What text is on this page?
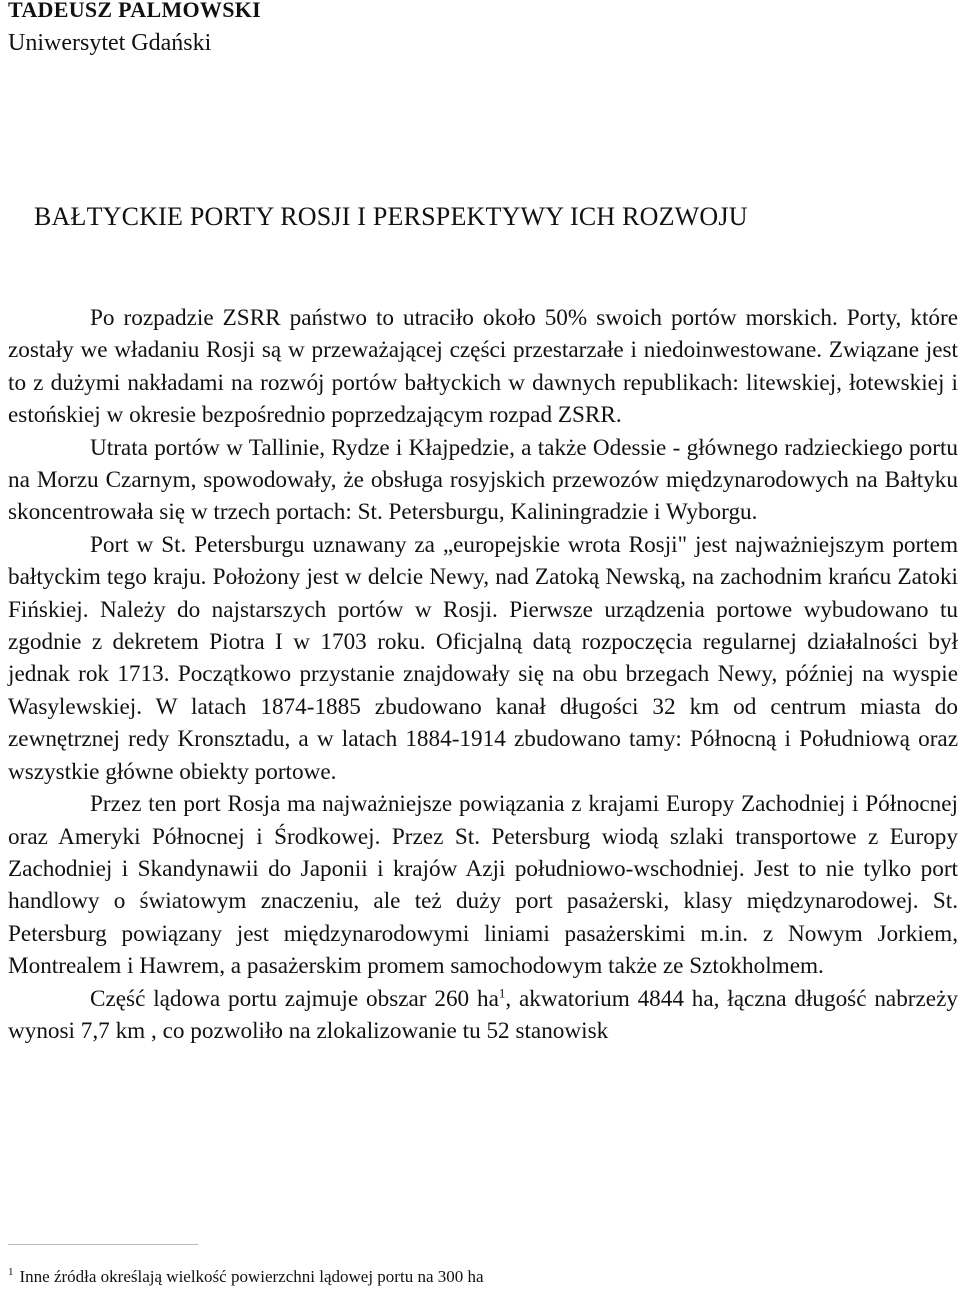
TADEUSZ PALMOWSKI
Uniwersytet Gdański
BAŁTYCKIE PORTY ROSJI I PERSPEKTYWY ICH ROZWOJU

Po rozpadzie ZSRR państwo to utraciło około 50% swoich portów morskich. Porty, które zostały we władaniu Rosji są w przeważającej części przestarzałe i niedoinwestowane. Związane jest to z dużymi nakładami na rozwój portów bałtyckich w dawnych republikach: litewskiej, łotewskiej i estońskiej w okresie bezpośrednio poprzedzającym rozpad ZSRR.

Utrata portów w Tallinie, Rydze i Kłajpedzie, a także Odessie - głównego radzieckiego portu na Morzu Czarnym, spowodowały, że obsługa rosyjskich przewozów międzynarodowych na Bałtyku skoncentrowała się w trzech portach: St. Petersburgu, Kaliningradzie i Wyborgu.

Port w St. Petersburgu uznawany za „europejskie wrota Rosji" jest najważniejszym portem bałtyckim tego kraju. Położony jest w delcie Newy, nad Zatoką Newską, na zachodnim krańcu Zatoki Fińskiej. Należy do najstarszych portów w Rosji. Pierwsze urządzenia portowe wybudowano tu zgodnie z dekretem Piotra I w 1703 roku. Oficjalną datą rozpoczęcia regularnej działalności był jednak rok 1713. Początkowo przystanie znajdowały się na obu brzegach Newy, później na wyspie Wasylewskiej. W latach 1874-1885 zbudowano kanał długości 32 km od centrum miasta do zewnętrznej redy Kronsztadu, a w latach 1884-1914 zbudowano tamy: Północną i Południową oraz wszystkie główne obiekty portowe.

Przez ten port Rosja ma najważniejsze powiązania z krajami Europy Zachodniej i Północnej oraz Ameryki Północnej i Środkowej. Przez St. Petersburg wiodą szlaki transportowe z Europy Zachodniej i Skandynawii do Japonii i krajów Azji południowo-wschodniej. Jest to nie tylko port handlowy o światowym znaczeniu, ale też duży port pasażerski, klasy międzynarodowej. St. Petersburg powiązany jest międzynarodowymi liniami pasażerskimi m.in. z Nowym Jorkiem, Montrealem i Hawrem, a pasażerskim promem samochodowym także ze Sztokholmem.

Część lądowa portu zajmuje obszar 260 $ha^1$, akwatorium 4844 ha, łączna długość nabrzeży wynosi 7,7 km , co pozwoliło na zlokalizowanie tu 52 stanowisk

$^1$ Inne źródła określają wielkość powierzchni lądowej portu na 300 ha
